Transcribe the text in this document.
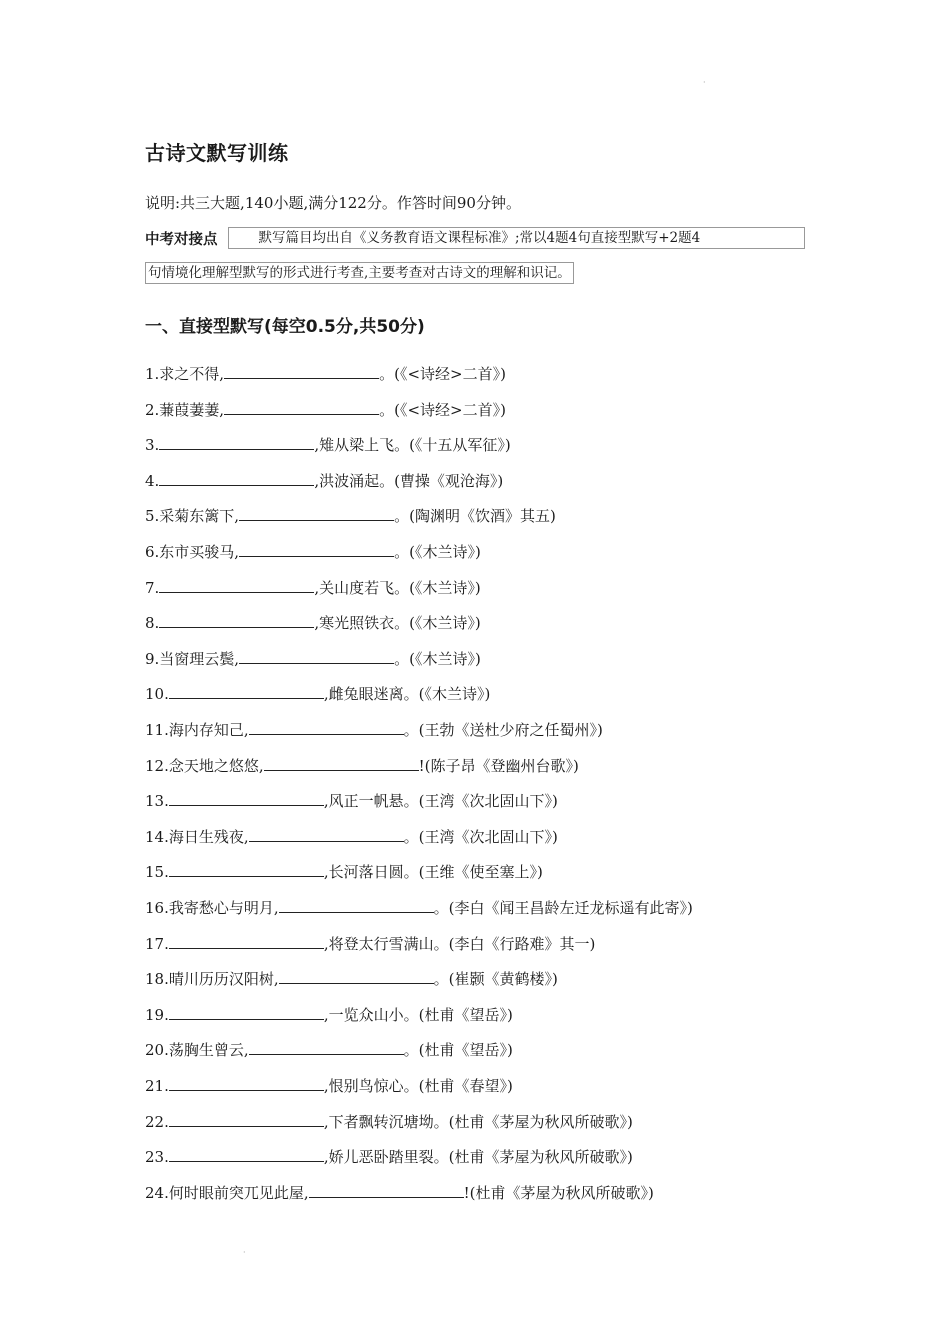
·
古诗文默写训练
说明:共三大题,140小题,满分122分。作答时间90分钟。
中考对接点	默写篇目均出自《义务教育语文课程标准》;常以4题4句直接型默写+2题4
句情境化理解型默写的形式进行考查,主要考查对古诗文的理解和识记。
一、直接型默写(每空0.5分,共50分)
1.求之不得,	。(《<诗经>二首》)
2.蒹葭萋萋,	。(《<诗经>二首》)
3.	,雉从梁上飞。(《十五从军征》)
4.	,洪波涌起。(曹操《观沧海》)
5.采菊东篱下,	。(陶渊明《饮酒》其五)
6.东市买骏马,	。(《木兰诗》)
7.	,关山度若飞。(《木兰诗》)
8.	,寒光照铁衣。(《木兰诗》)
9.当窗理云鬓,	。(《木兰诗》)
10.	,雌兔眼迷离。(《木兰诗》)
11.海内存知己,	。(王勃《送杜少府之任蜀州》)
12.念天地之悠悠,	!(陈子昂《登幽州台歌》)
13.	,风正一帆悬。(王湾《次北固山下》)
14.海日生残夜,	。(王湾《次北固山下》)
15.	,长河落日圆。(王维《使至塞上》)
16.我寄愁心与明月,	。(李白《闻王昌龄左迁龙标遥有此寄》)
17.	,将登太行雪满山。(李白《行路难》其一)
18.晴川历历汉阳树,	。(崔颢《黄鹤楼》)
19.	,一览众山小。(杜甫《望岳》)
20.荡胸生曾云,	。(杜甫《望岳》)
21.	,恨别鸟惊心。(杜甫《春望》)
22.	,下者飘转沉塘坳。(杜甫《茅屋为秋风所破歌》)
23.	,娇儿恶卧踏里裂。(杜甫《茅屋为秋风所破歌》)
24.何时眼前突兀见此屋,	!(杜甫《茅屋为秋风所破歌》)
·
